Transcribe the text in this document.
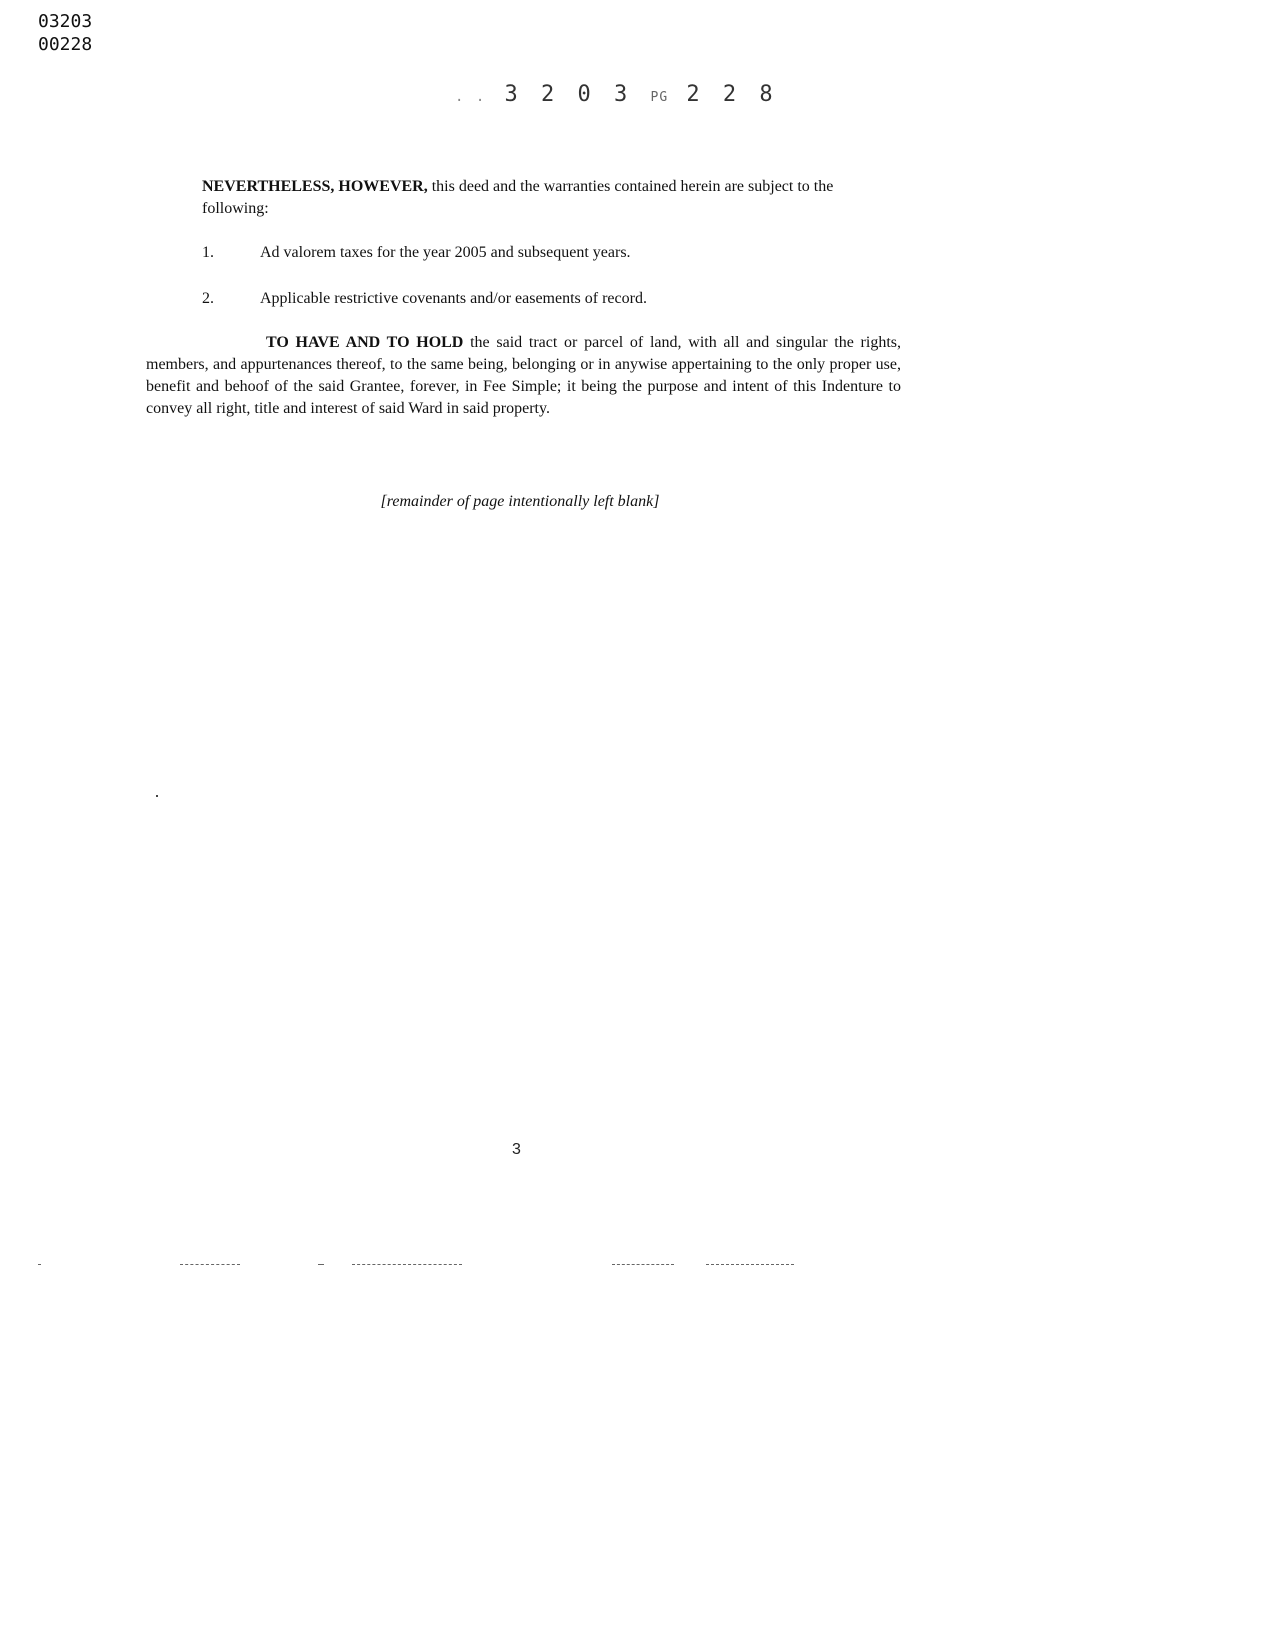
03203
00228
. . 3 2 0 3 PG 2 2 8
NEVERTHELESS, HOWEVER, this deed and the warranties contained herein are subject to the following:
1.	Ad valorem taxes for the year 2005 and subsequent years.
2.	Applicable restrictive covenants and/or easements of record.
TO HAVE AND TO HOLD the said tract or parcel of land, with all and singular the rights, members, and appurtenances thereof, to the same being, belonging or in anywise appertaining to the only proper use, benefit and behoof of the said Grantee, forever, in Fee Simple; it being the purpose and intent of this Indenture to convey all right, title and interest of said Ward in said property.
[remainder of page intentionally left blank]
3
